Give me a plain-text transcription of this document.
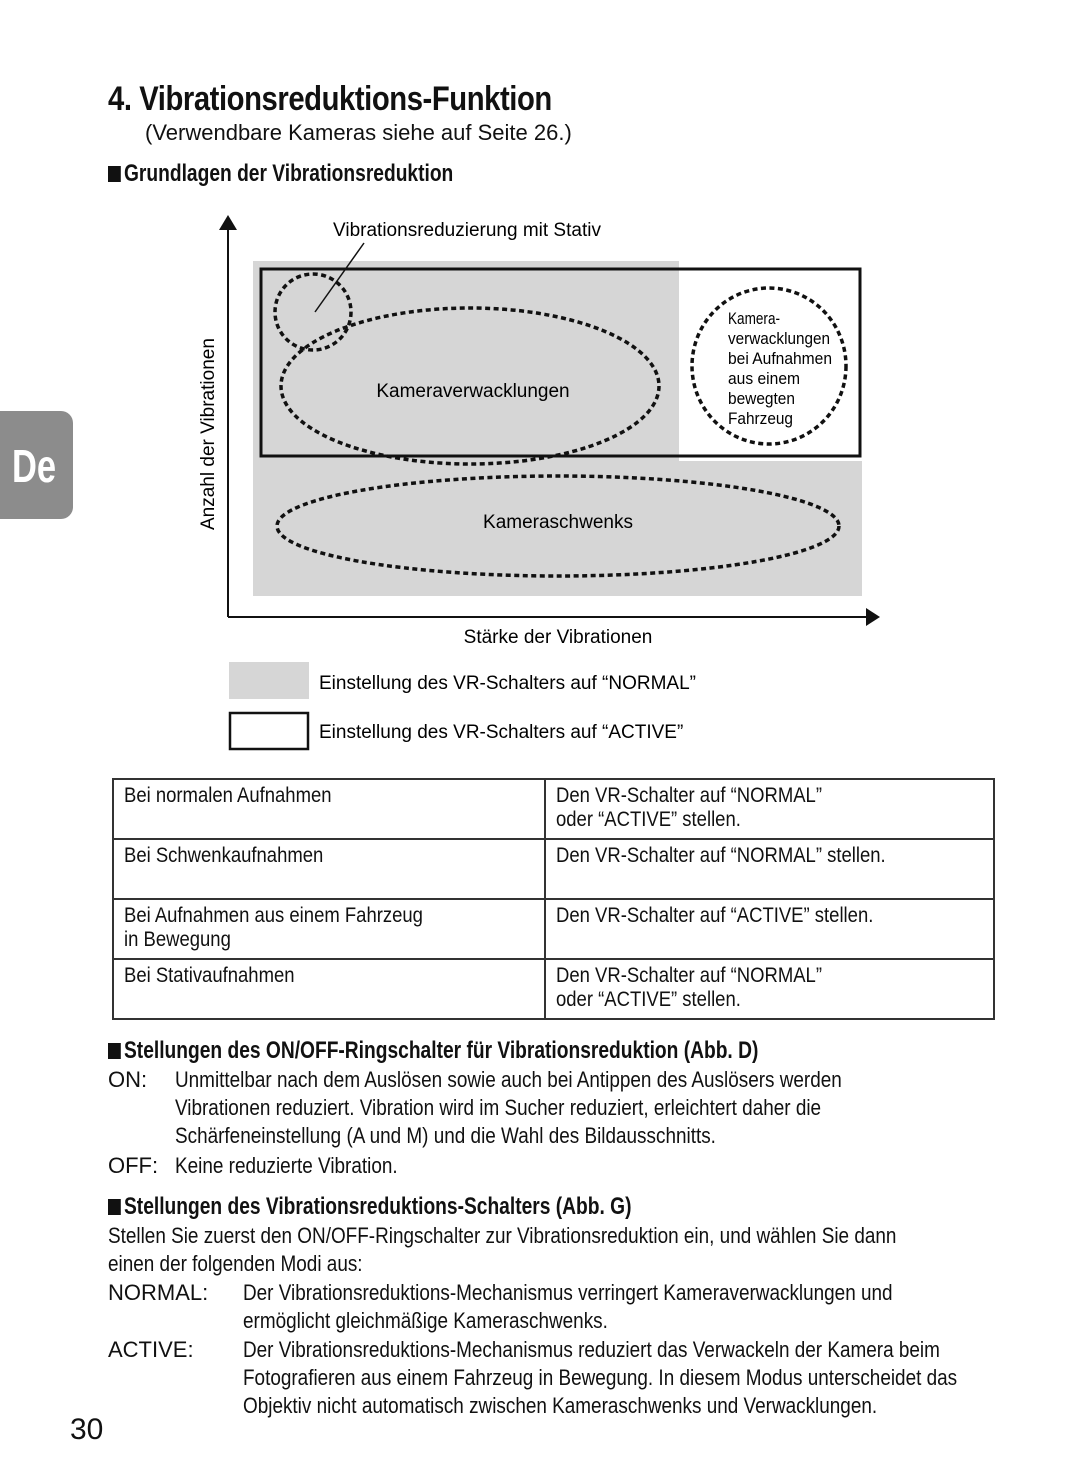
4. Vibrationsreduktions-Funktion
(Verwendbare Kameras siehe auf Seite 26.)
De
Grundlagen der Vibrationsreduktion
Vibrationsreduzierung mit Stativ
Kameraverwacklungen
Kameraschwenks
Anzahl der Vibrationen
Stärke der Vibrationen
Kamera-
verwacklungen
bei Aufnahmen
aus einem
bewegten
Fahrzeug
Einstellung des VR-Schalters auf “NORMAL”
Einstellung des VR-Schalters auf “ACTIVE”
Bei normalen Aufnahmen	Den VR-Schalter auf “NORMAL”
oder “ACTIVE” stellen.
Bei Schwenkaufnahmen	Den VR-Schalter auf “NORMAL” stellen.
Bei Aufnahmen aus einem Fahrzeug
in Bewegung	Den VR-Schalter auf “ACTIVE” stellen.
Bei Stativaufnahmen	Den VR-Schalter auf “NORMAL”
oder “ACTIVE” stellen.
Stellungen des ON/OFF-Ringschalter für Vibrationsreduktion (Abb. D)
ON: Unmittelbar nach dem Auslösen sowie auch bei Antippen des Auslösers werden
Vibrationen reduziert. Vibration wird im Sucher reduziert, erleichtert daher die
Schärfeneinstellung (A und M) und die Wahl des Bildausschnitts.
OFF: Keine reduzierte Vibration.
Stellungen des Vibrationsreduktions-Schalters (Abb. G)
Stellen Sie zuerst den ON/OFF-Ringschalter zur Vibrationsreduktion ein, und wählen Sie dann
einen der folgenden Modi aus:
NORMAL: Der Vibrationsreduktions-Mechanismus verringert Kameraverwacklungen und
ermöglicht gleichmäßige Kameraschwenks.
ACTIVE: Der Vibrationsreduktions-Mechanismus reduziert das Verwackeln der Kamera beim
Fotografieren aus einem Fahrzeug in Bewegung. In diesem Modus unterscheidet das
Objektiv nicht automatisch zwischen Kameraschwenks und Verwacklungen.
30
